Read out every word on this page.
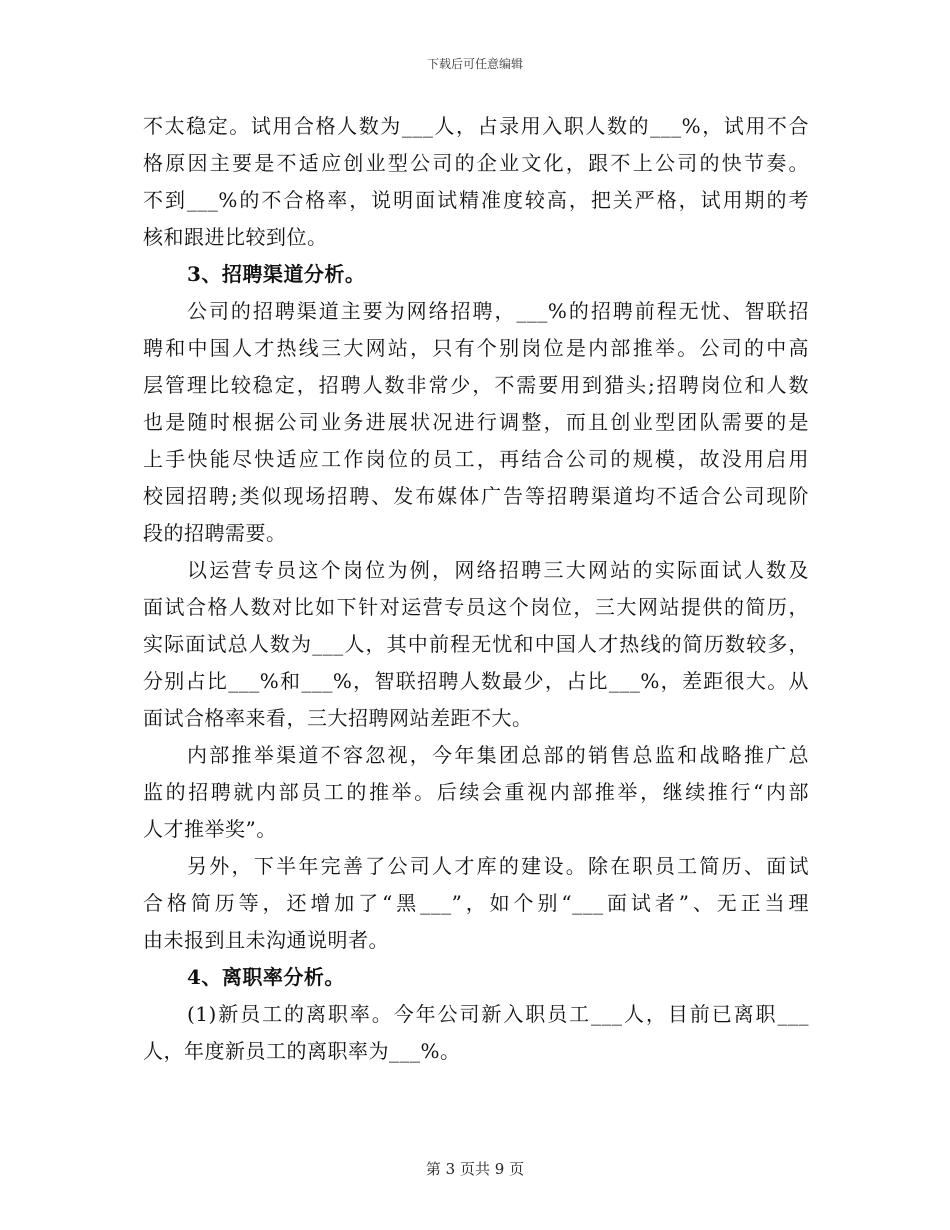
下载后可任意编辑
不太稳定。试用合格人数为___人，占录用入职人数的___%，试用不合
格原因主要是不适应创业型公司的企业文化，跟不上公司的快节奏。
不到___%的不合格率，说明面试精准度较高，把关严格，试用期的考
核和跟进比较到位。
3、招聘渠道分析。
公司的招聘渠道主要为网络招聘，___%的招聘前程无忧、智联招
聘和中国人才热线三大网站，只有个别岗位是内部推举。公司的中高
层管理比较稳定，招聘人数非常少，不需要用到猎头;招聘岗位和人数
也是随时根据公司业务进展状况进行调整，而且创业型团队需要的是
上手快能尽快适应工作岗位的员工，再结合公司的规模，故没用启用
校园招聘;类似现场招聘、发布媒体广告等招聘渠道均不适合公司现阶
段的招聘需要。
以运营专员这个岗位为例，网络招聘三大网站的实际面试人数及
面试合格人数对比如下针对运营专员这个岗位，三大网站提供的简历，
实际面试总人数为___人，其中前程无忧和中国人才热线的简历数较多，
分别占比___%和___%，智联招聘人数最少，占比___%，差距很大。从
面试合格率来看，三大招聘网站差距不大。
内部推举渠道不容忽视，今年集团总部的销售总监和战略推广总
监的招聘就内部员工的推举。后续会重视内部推举，继续推行“内部
人才推举奖”。
另外，下半年完善了公司人才库的建设。除在职员工简历、面试
合格简历等，还增加了“黑___”，如个别“___面试者”、无正当理
由未报到且未沟通说明者。
4、离职率分析。
(1)新员工的离职率。今年公司新入职员工___人，目前已离职___
人，年度新员工的离职率为___%。
第 3 页共 9 页
